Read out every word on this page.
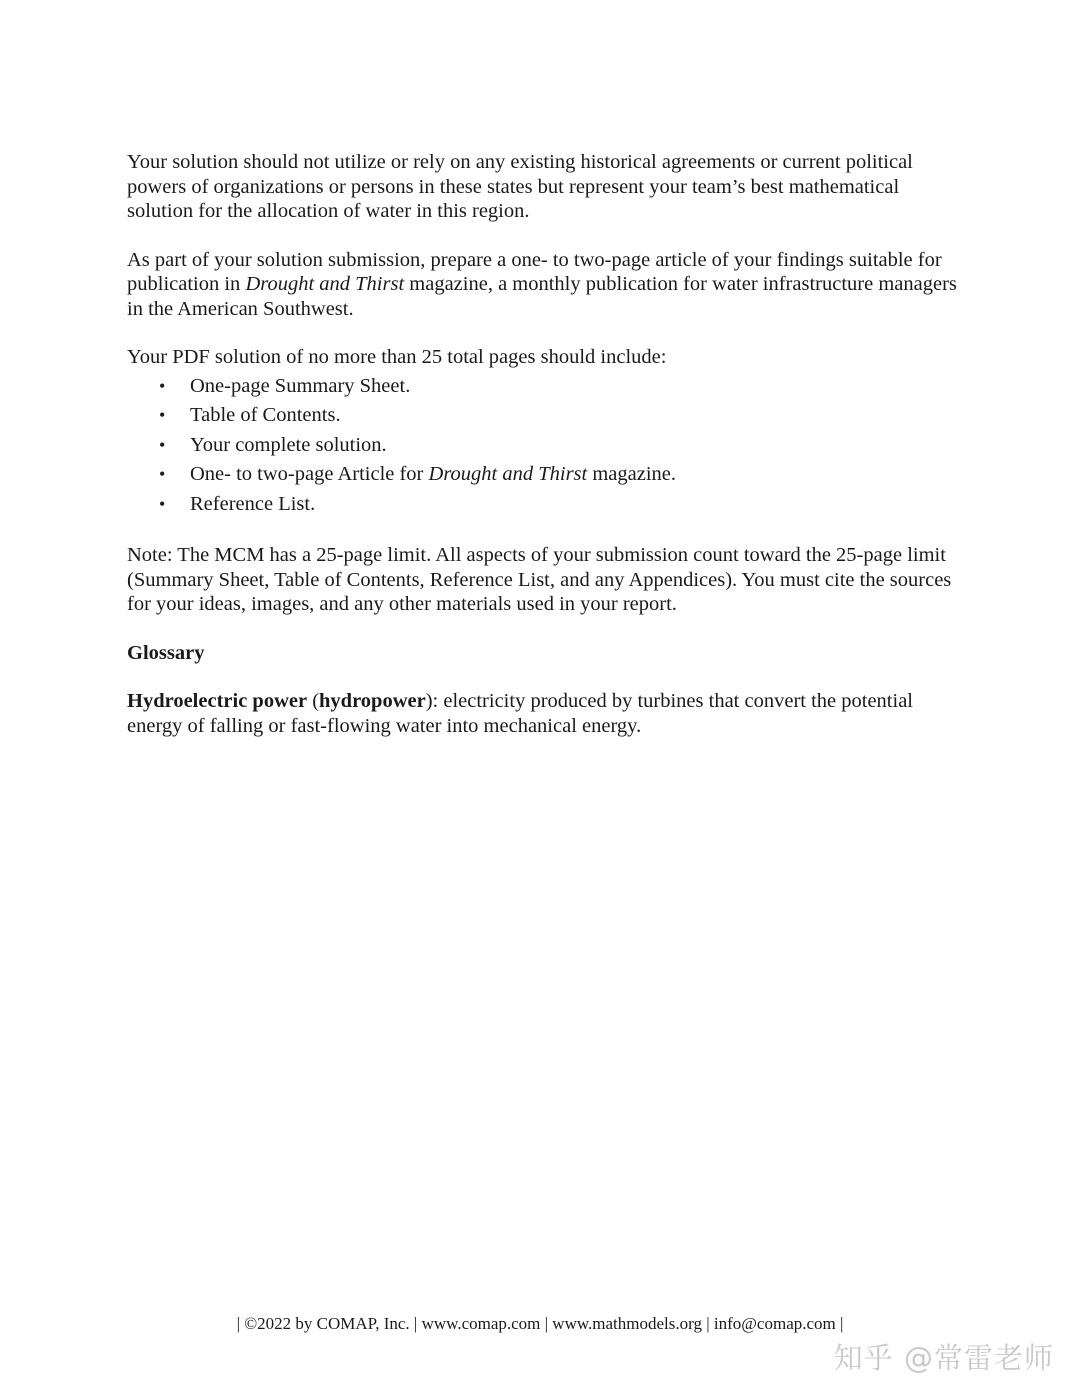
Your solution should not utilize or rely on any existing historical agreements or current political powers of organizations or persons in these states but represent your team’s best mathematical solution for the allocation of water in this region.

As part of your solution submission, prepare a one- to two-page article of your findings suitable for publication in Drought and Thirst magazine, a monthly publication for water infrastructure managers in the American Southwest.

Your PDF solution of no more than 25 total pages should include:

• One-page Summary Sheet.
• Table of Contents.
• Your complete solution.
• One- to two-page Article for Drought and Thirst magazine.
• Reference List.

Note: The MCM has a 25-page limit. All aspects of your submission count toward the 25-page limit (Summary Sheet, Table of Contents, Reference List, and any Appendices). You must cite the sources for your ideas, images, and any other materials used in your report.

Glossary

Hydroelectric power (hydropower): electricity produced by turbines that convert the potential energy of falling or fast-flowing water into mechanical energy.

| ©2022 by COMAP, Inc. | www.comap.com | www.mathmodels.org | info@comap.com |
知乎 @常雷老师
